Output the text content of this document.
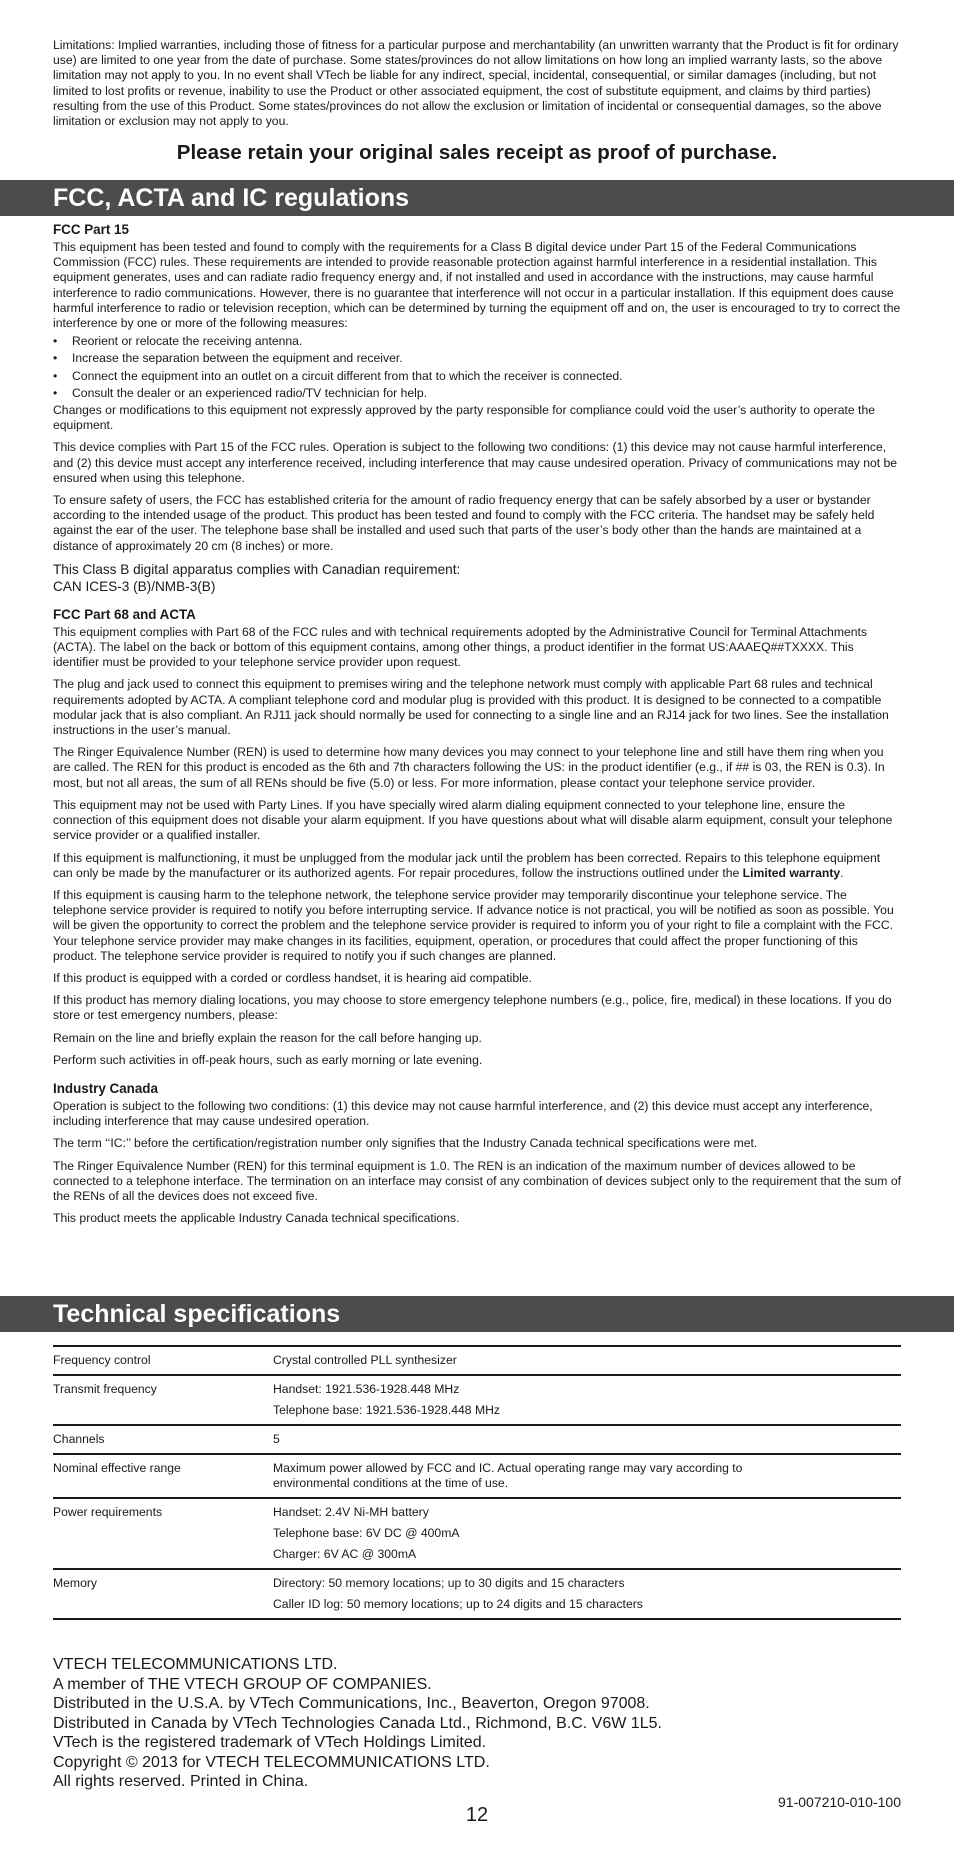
Limitations: Implied warranties, including those of fitness for a particular purpose and merchantability (an unwritten warranty that the Product is fit for ordinary use) are limited to one year from the date of purchase. Some states/provinces do not allow limitations on how long an implied warranty lasts, so the above limitation may not apply to you. In no event shall VTech be liable for any indirect, special, incidental, consequential, or similar damages (including, but not limited to lost profits or revenue, inability to use the Product or other associated equipment, the cost of substitute equipment, and claims by third parties) resulting from the use of this Product. Some states/provinces do not allow the exclusion or limitation of incidental or consequential damages, so the above limitation or exclusion may not apply to you.

Please retain your original sales receipt as proof of purchase.

FCC, ACTA and IC regulations
FCC Part 15

This equipment has been tested and found to comply with the requirements for a Class B digital device under Part 15 of the Federal Communications Commission (FCC) rules. These requirements are intended to provide reasonable protection against harmful interference in a residential installation. This equipment generates, uses and can radiate radio frequency energy and, if not installed and used in accordance with the instructions, may cause harmful interference to radio communications. However, there is no guarantee that interference will not occur in a particular installation. If this equipment does cause harmful interference to radio or television reception, which can be determined by turning the equipment off and on, the user is encouraged to try to correct the interference by one or more of the following measures:

• Reorient or relocate the receiving antenna.
• Increase the separation between the equipment and receiver.
• Connect the equipment into an outlet on a circuit different from that to which the receiver is connected.
• Consult the dealer or an experienced radio/TV technician for help.

Changes or modifications to this equipment not expressly approved by the party responsible for compliance could void the user’s authority to operate the equipment.

This device complies with Part 15 of the FCC rules. Operation is subject to the following two conditions: (1) this device may not cause harmful interference, and (2) this device must accept any interference received, including interference that may cause undesired operation. Privacy of communications may not be ensured when using this telephone.

To ensure safety of users, the FCC has established criteria for the amount of radio frequency energy that can be safely absorbed by a user or bystander according to the intended usage of the product. This product has been tested and found to comply with the FCC criteria. The handset may be safely held against the ear of the user. The telephone base shall be installed and used such that parts of the user’s body other than the hands are maintained at a distance of approximately 20 cm (8 inches) or more.

This Class B digital apparatus complies with Canadian requirement:
CAN ICES-3 (B)/NMB-3(B)
FCC Part 68 and ACTA

This equipment complies with Part 68 of the FCC rules and with technical requirements adopted by the Administrative Council for Terminal Attachments (ACTA). The label on the back or bottom of this equipment contains, among other things, a product identifier in the format US:AAAEQ##TXXXX. This identifier must be provided to your telephone service provider upon request.

The plug and jack used to connect this equipment to premises wiring and the telephone network must comply with applicable Part 68 rules and technical requirements adopted by ACTA. A compliant telephone cord and modular plug is provided with this product. It is designed to be connected to a compatible modular jack that is also compliant. An RJ11 jack should normally be used for connecting to a single line and an RJ14 jack for two lines. See the installation instructions in the user’s manual.

The Ringer Equivalence Number (REN) is used to determine how many devices you may connect to your telephone line and still have them ring when you are called. The REN for this product is encoded as the 6th and 7th characters following the US: in the product identifier (e.g., if ## is 03, the REN is 0.3). In most, but not all areas, the sum of all RENs should be five (5.0) or less. For more information, please contact your telephone service provider.

This equipment may not be used with Party Lines. If you have specially wired alarm dialing equipment connected to your telephone line, ensure the connection of this equipment does not disable your alarm equipment. If you have questions about what will disable alarm equipment, consult your telephone service provider or a qualified installer.

If this equipment is malfunctioning, it must be unplugged from the modular jack until the problem has been corrected. Repairs to this telephone equipment can only be made by the manufacturer or its authorized agents. For repair procedures, follow the instructions outlined under the Limited warranty.

If this equipment is causing harm to the telephone network, the telephone service provider may temporarily discontinue your telephone service. The telephone service provider is required to notify you before interrupting service. If advance notice is not practical, you will be notified as soon as possible. You will be given the opportunity to correct the problem and the telephone service provider is required to inform you of your right to file a complaint with the FCC. Your telephone service provider may make changes in its facilities, equipment, operation, or procedures that could affect the proper functioning of this product. The telephone service provider is required to notify you if such changes are planned.

If this product is equipped with a corded or cordless handset, it is hearing aid compatible.

If this product has memory dialing locations, you may choose to store emergency telephone numbers (e.g., police, fire, medical) in these locations. If you do store or test emergency numbers, please:

Remain on the line and briefly explain the reason for the call before hanging up.

Perform such activities in off-peak hours, such as early morning or late evening.

Industry Canada

Operation is subject to the following two conditions: (1) this device may not cause harmful interference, and (2) this device must accept any interference, including interference that may cause undesired operation.

The term ‘‘IC:’’ before the certification/registration number only signifies that the Industry Canada technical specifications were met.

The Ringer Equivalence Number (REN) for this terminal equipment is 1.0. The REN is an indication of the maximum number of devices allowed to be connected to a telephone interface. The termination on an interface may consist of any combination of devices subject only to the requirement that the sum of the RENs of all the devices does not exceed five.

This product meets the applicable Industry Canada technical specifications.

Technical specifications
Frequency control	Crystal controlled PLL synthesizer

Transmit frequency	Handset: 1921.536-1928.448 MHz
Telephone base: 1921.536-1928.448 MHz

Channels	5

Nominal effective range	Maximum power allowed by FCC and IC. Actual operating range may vary according to environmental conditions at the time of use.

Power requirements	Handset: 2.4V Ni-MH battery
Telephone base: 6V DC @ 400mA
Charger: 6V AC @ 300mA

Memory	Directory: 50 memory locations; up to 30 digits and 15 characters
Caller ID log: 50 memory locations; up to 24 digits and 15 characters
VTECH TELECOMMUNICATIONS LTD.
A member of THE VTECH GROUP OF COMPANIES.
Distributed in the U.S.A. by VTech Communications, Inc., Beaverton, Oregon 97008.
Distributed in Canada by VTech Technologies Canada Ltd., Richmond, B.C. V6W 1L5.
VTech is the registered trademark of VTech Holdings Limited.
Copyright © 2013 for VTECH TELECOMMUNICATIONS LTD.
All rights reserved. Printed in China.
91-007210-010-100
12
